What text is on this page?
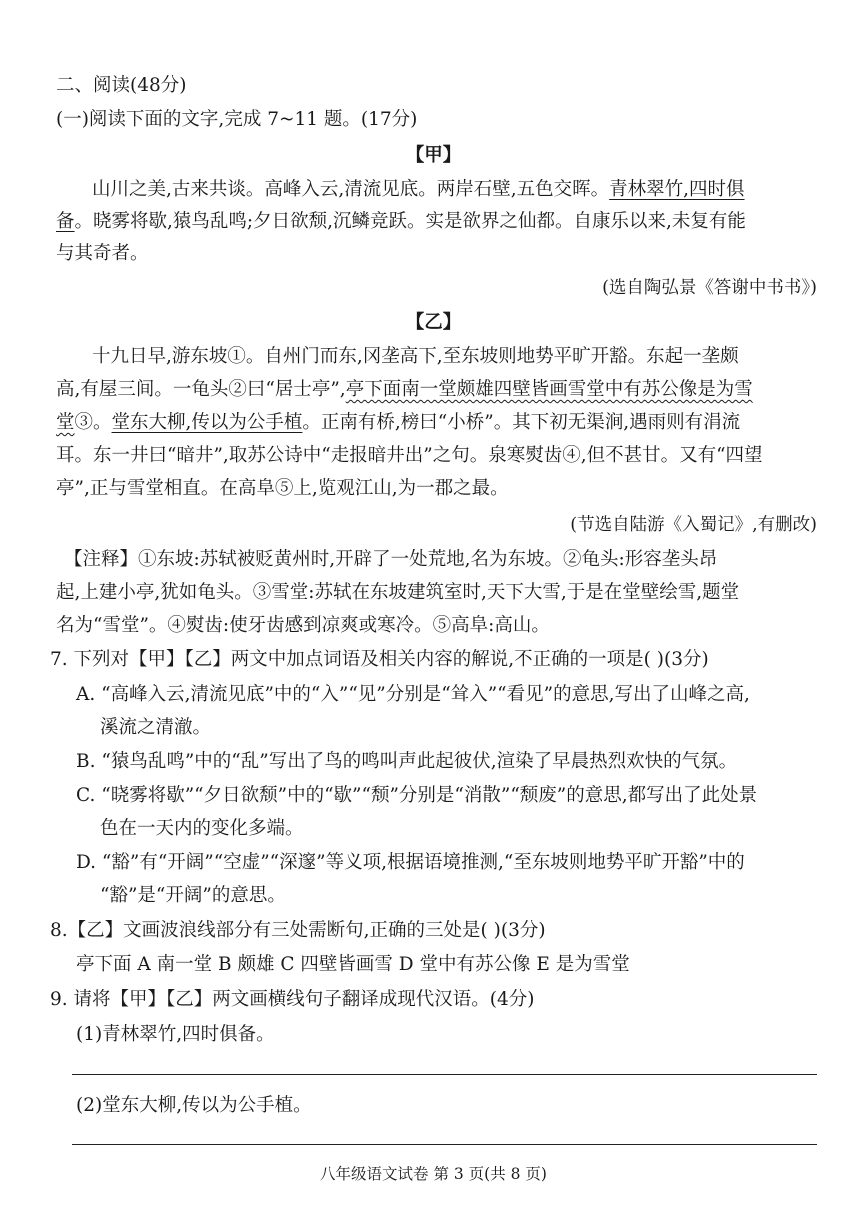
二、阅读(48分)
(一)阅读下面的文字,完成 7~11 题。(17分)
【甲】
山川之美,古来共谈。高峰入云,清流见底。两岸石壁,五色交晖。青林翠竹,四时俱
备。晓雾将歇,猿鸟乱鸣;夕日欲颓,沉鳞竞跃。实是欲界之仙都。自康乐以来,未复有能
与其奇者。
(选自陶弘景《答谢中书书》)
【乙】
十九日早,游东坡①。自州门而东,冈垄高下,至东坡则地势平旷开豁。东起一垄颇
高,有屋三间。一龟头②曰“居士亭”,亭下面南一堂颇雄四壁皆画雪堂中有苏公像是为雪
堂③。堂东大柳,传以为公手植。正南有桥,榜曰“小桥”。其下初无渠涧,遇雨则有涓流
耳。东一井曰“暗井”,取苏公诗中“走报暗井出”之句。泉寒熨齿④,但不甚甘。又有“四望
亭”,正与雪堂相直。在高阜⑤上,览观江山,为一郡之最。
(节选自陆游《入蜀记》,有删改)
【注释】①东坡:苏轼被贬黄州时,开辟了一处荒地,名为东坡。②龟头:形容垄头昂
起,上建小亭,犹如龟头。③雪堂:苏轼在东坡建筑室时,天下大雪,于是在堂壁绘雪,题堂
名为“雪堂”。④熨齿:使牙齿感到凉爽或寒冷。⑤高阜:高山。
7. 下列对【甲】【乙】两文中加点词语及相关内容的解说,不正确的一项是( )(3分)
A. “高峰入云,清流见底”中的“入”“见”分别是“耸入”“看见”的意思,写出了山峰之高,
溪流之清澈。
B. “猿鸟乱鸣”中的“乱”写出了鸟的鸣叫声此起彼伏,渲染了早晨热烈欢快的气氛。
C. “晓雾将歇”“夕日欲颓”中的“歇”“颓”分别是“消散”“颓废”的意思,都写出了此处景
色在一天内的变化多端。
D. “豁”有“开阔”“空虚”“深邃”等义项,根据语境推测,“至东坡则地势平旷开豁”中的
“豁”是“开阔”的意思。
8.【乙】文画波浪线部分有三处需断句,正确的三处是( )(3分)
亭下面 A 南一堂 B 颇雄 C 四壁皆画雪 D 堂中有苏公像 E 是为雪堂
9. 请将【甲】【乙】两文画横线句子翻译成现代汉语。(4分)
(1)青林翠竹,四时俱备。
(2)堂东大柳,传以为公手植。
八年级语文试卷 第 3 页(共 8 页)
